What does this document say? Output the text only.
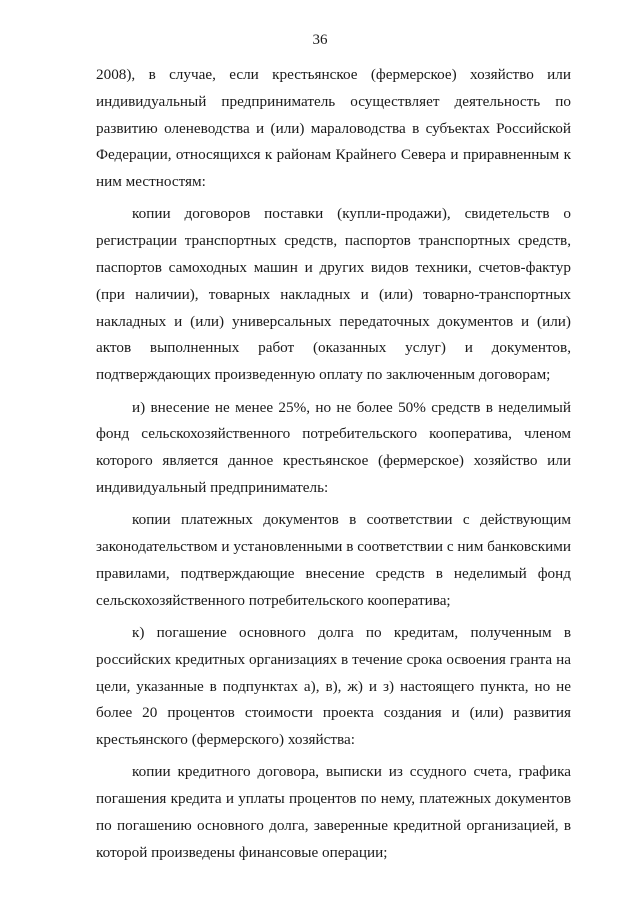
36

2008), в случае, если крестьянское (фермерское) хозяйство или индивидуальный предприниматель осуществляет деятельность по развитию оленеводства и (или) мараловодства в субъектах Российской Федерации, относящихся к районам Крайнего Севера и приравненным к ним местностям:

копии договоров поставки (купли-продажи), свидетельств о регистрации транспортных средств, паспортов транспортных средств, паспортов самоходных машин и других видов техники, счетов-фактур (при наличии), товарных накладных и (или) товарно-транспортных накладных и (или) универсальных передаточных документов и (или) актов выполненных работ (оказанных услуг) и документов, подтверждающих произведенную оплату по заключенным договорам;

и) внесение не менее 25%, но не более 50% средств в неделимый фонд сельскохозяйственного потребительского кооператива, членом которого является данное крестьянское (фермерское) хозяйство или индивидуальный предприниматель:

копии платежных документов в соответствии с действующим законодательством и установленными в соответствии с ним банковскими правилами, подтверждающие внесение средств в неделимый фонд сельскохозяйственного потребительского кооператива;

к) погашение основного долга по кредитам, полученным в российских кредитных организациях в течение срока освоения гранта на цели, указанные в подпунктах а), в), ж) и з) настоящего пункта, но не более 20 процентов стоимости проекта создания и (или) развития крестьянского (фермерского) хозяйства:

копии кредитного договора, выписки из ссудного счета, графика погашения кредита и уплаты процентов по нему, платежных документов по погашению основного долга, заверенные кредитной организацией, в которой произведены финансовые операции;
